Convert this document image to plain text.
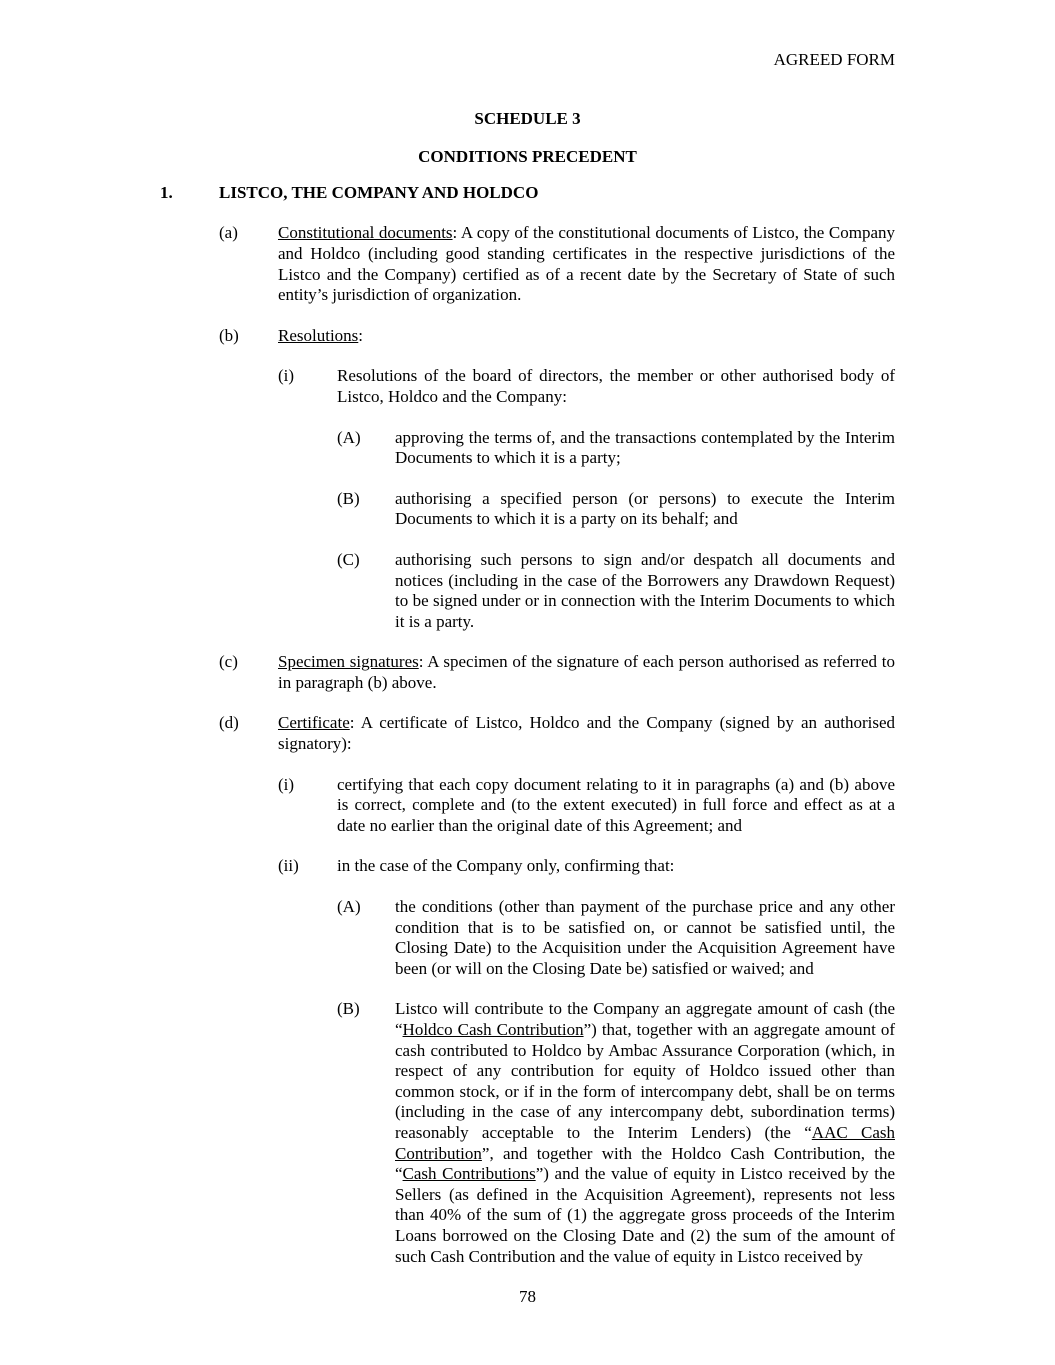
AGREED FORM
SCHEDULE 3
CONDITIONS PRECEDENT
1.	LISTCO, THE COMPANY AND HOLDCO
(a)	Constitutional documents: A copy of the constitutional documents of Listco, the Company and Holdco (including good standing certificates in the respective jurisdictions of the Listco and the Company) certified as of a recent date by the Secretary of State of such entity’s jurisdiction of organization.

(b)	Resolutions:

(i)	Resolutions of the board of directors, the member or other authorised body of Listco, Holdco and the Company:

(A)	approving the terms of, and the transactions contemplated by the Interim Documents to which it is a party;

(B)	authorising a specified person (or persons) to execute the Interim Documents to which it is a party on its behalf; and

(C)	authorising such persons to sign and/or despatch all documents and notices (including in the case of the Borrowers any Drawdown Request) to be signed under or in connection with the Interim Documents to which it is a party.

(c)	Specimen signatures: A specimen of the signature of each person authorised as referred to in paragraph (b) above.

(d)	Certificate: A certificate of Listco, Holdco and the Company (signed by an authorised signatory):

(i)	certifying that each copy document relating to it in paragraphs (a) and (b) above is correct, complete and (to the extent executed) in full force and effect as at a date no earlier than the original date of this Agreement; and

(ii)	in the case of the Company only, confirming that:

(A)	the conditions (other than payment of the purchase price and any other condition that is to be satisfied on, or cannot be satisfied until, the Closing Date) to the Acquisition under the Acquisition Agreement have been (or will on the Closing Date be) satisfied or waived; and

(B)	Listco will contribute to the Company an aggregate amount of cash (the “Holdco Cash Contribution”) that, together with an aggregate amount of cash contributed to Holdco by Ambac Assurance Corporation (which, in respect of any contribution for equity of Holdco issued other than common stock, or if in the form of intercompany debt, shall be on terms (including in the case of any intercompany debt, subordination terms) reasonably acceptable to the Interim Lenders) (the “AAC Cash Contribution”, and together with the Holdco Cash Contribution, the “Cash Contributions”) and the value of equity in Listco received by the Sellers (as defined in the Acquisition Agreement), represents not less than 40% of the sum of (1) the aggregate gross proceeds of the Interim Loans borrowed on the Closing Date and (2) the sum of the amount of such Cash Contribution and the value of equity in Listco received by

78
